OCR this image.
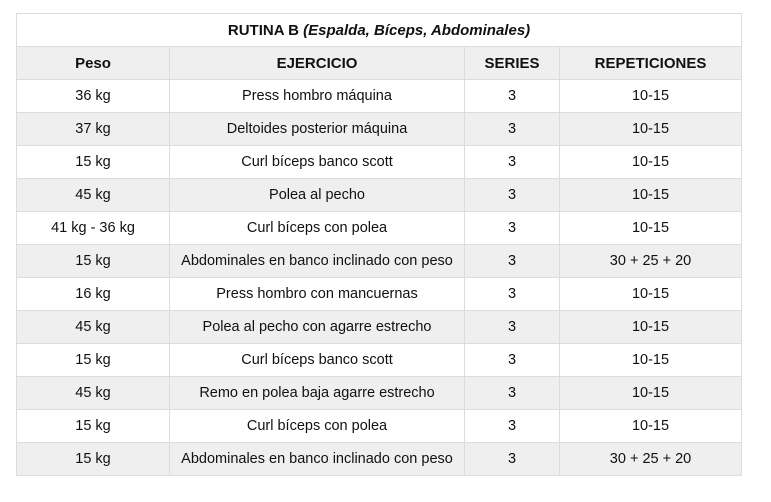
RUTINA B (Espalda, Bíceps, Abdominales)			
Peso	EJERCICIO	SERIES	REPETICIONES
36 kg	Press hombro máquina	3	10-15
37 kg	Deltoides posterior máquina	3	10-15
15 kg	Curl bíceps banco scott	3	10-15
45 kg	Polea al pecho	3	10-15
41 kg - 36 kg	Curl bíceps con polea	3	10-15
15 kg	Abdominales en banco inclinado con peso	3	30 + 25 + 20
16 kg	Press hombro con mancuernas	3	10-15
45 kg	Polea al pecho con agarre estrecho	3	10-15
15 kg	Curl bíceps banco scott	3	10-15
45 kg	Remo en polea baja agarre estrecho	3	10-15
15 kg	Curl bíceps con polea	3	10-15
15 kg	Abdominales en banco inclinado con peso	3	30 + 25 + 20
